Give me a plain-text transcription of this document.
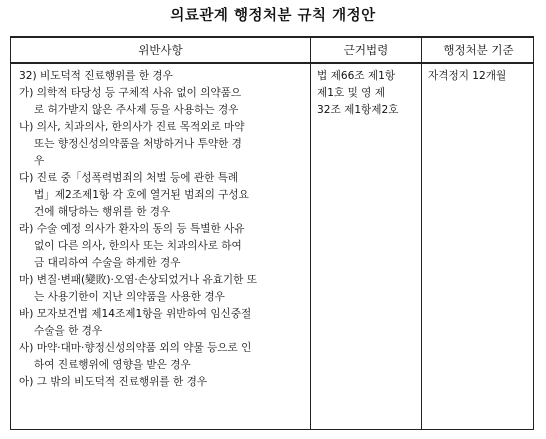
의료관계 행정처분 규칙 개정안
위반사항	근거법령	행정처분 기준
32) 비도덕적 진료행위를 한 경우
가) 의학적 타당성 등 구체적 사유 없이 의약품으
로 허가받지 않은 주사제 등을 사용하는 경우
나) 의사, 치과의사, 한의사가 진료 목적외로 마약
또는 향정신성의약품을 처방하거나 투약한 경
우
다) 진료 중「성폭력범죄의 처벌 등에 관한 특례
법」제2조제1항 각 호에 열거된 범죄의 구성요
건에 해당하는 행위를 한 경우
라) 수술 예정 의사가 환자의 동의 등 특별한 사유
없이 다른 의사, 한의사 또는 치과의사로 하여
금 대리하여 수술을 하게한 경우
마) 변질·변패(變敗)·오염·손상되었거나 유효기한 또
는 사용기한이 지난 의약품을 사용한 경우
바) 모자보건법 제14조제1항을 위반하여 임신중절
수술을 한 경우
사) 마약·대마·향정신성의약품 외의 약물 등으로 인
하여 진료행위에 영향을 받은 경우
아) 그 밖의 비도덕적 진료행위를 한 경우
법 제66조 제1항
제1호 및 영 제
32조 제1항제2호
자격정지 12개월
